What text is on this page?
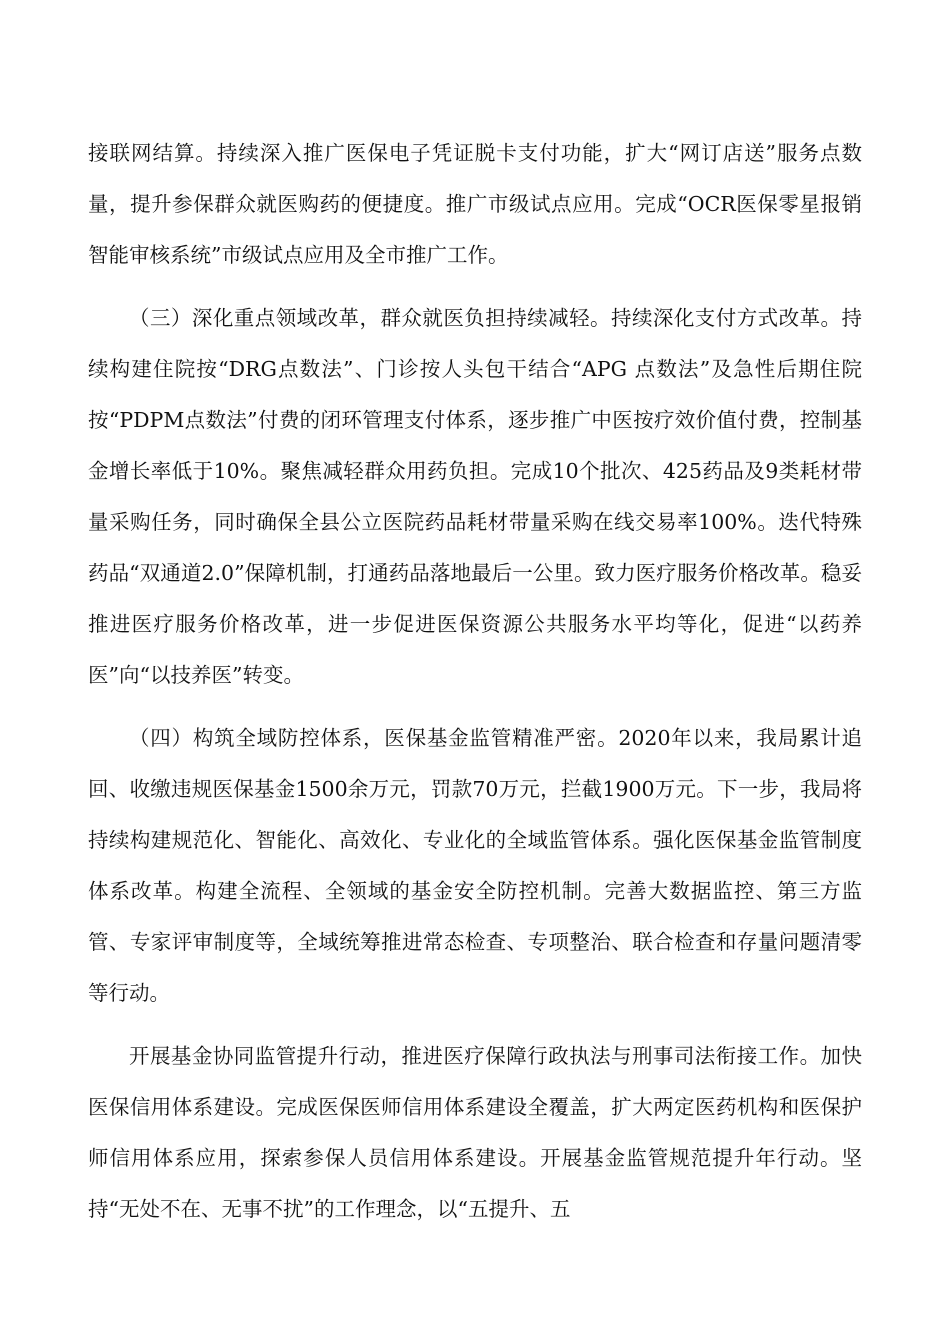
接联网结算。持续深入推广医保电子凭证脱卡支付功能，扩大“网订店送”服务点数量，提升参保群众就医购药的便捷度。推广市级试点应用。完成“OCR医保零星报销智能审核系统”市级试点应用及全市推广工作。

（三）深化重点领域改革，群众就医负担持续减轻。持续深化支付方式改革。持续构建住院按“DRG点数法”、门诊按人头包干结合“APG 点数法”及急性后期住院按“PDPM点数法”付费的闭环管理支付体系，逐步推广中医按疗效价值付费，控制基金增长率低于10%。聚焦减轻群众用药负担。完成10个批次、425药品及9类耗材带量采购任务，同时确保全县公立医院药品耗材带量采购在线交易率100%。迭代特殊药品“双通道2.0”保障机制，打通药品落地最后一公里。致力医疗服务价格改革。稳妥推进医疗服务价格改革，进一步促进医保资源公共服务水平均等化，促进“以药养医”向“以技养医”转变。

（四）构筑全域防控体系，医保基金监管精准严密。2020年以来，我局累计追回、收缴违规医保基金1500余万元，罚款70万元，拦截1900万元。下一步，我局将持续构建规范化、智能化、高效化、专业化的全域监管体系。强化医保基金监管制度体系改革。构建全流程、全领域的基金安全防控机制。完善大数据监控、第三方监管、专家评审制度等，全域统筹推进常态检查、专项整治、联合检查和存量问题清零等行动。

开展基金协同监管提升行动，推进医疗保障行政执法与刑事司法衔接工作。加快医保信用体系建设。完成医保医师信用体系建设全覆盖，扩大两定医药机构和医保护师信用体系应用，探索参保人员信用体系建设。开展基金监管规范提升年行动。坚持“无处不在、无事不扰”的工作理念，以“五提升、五
